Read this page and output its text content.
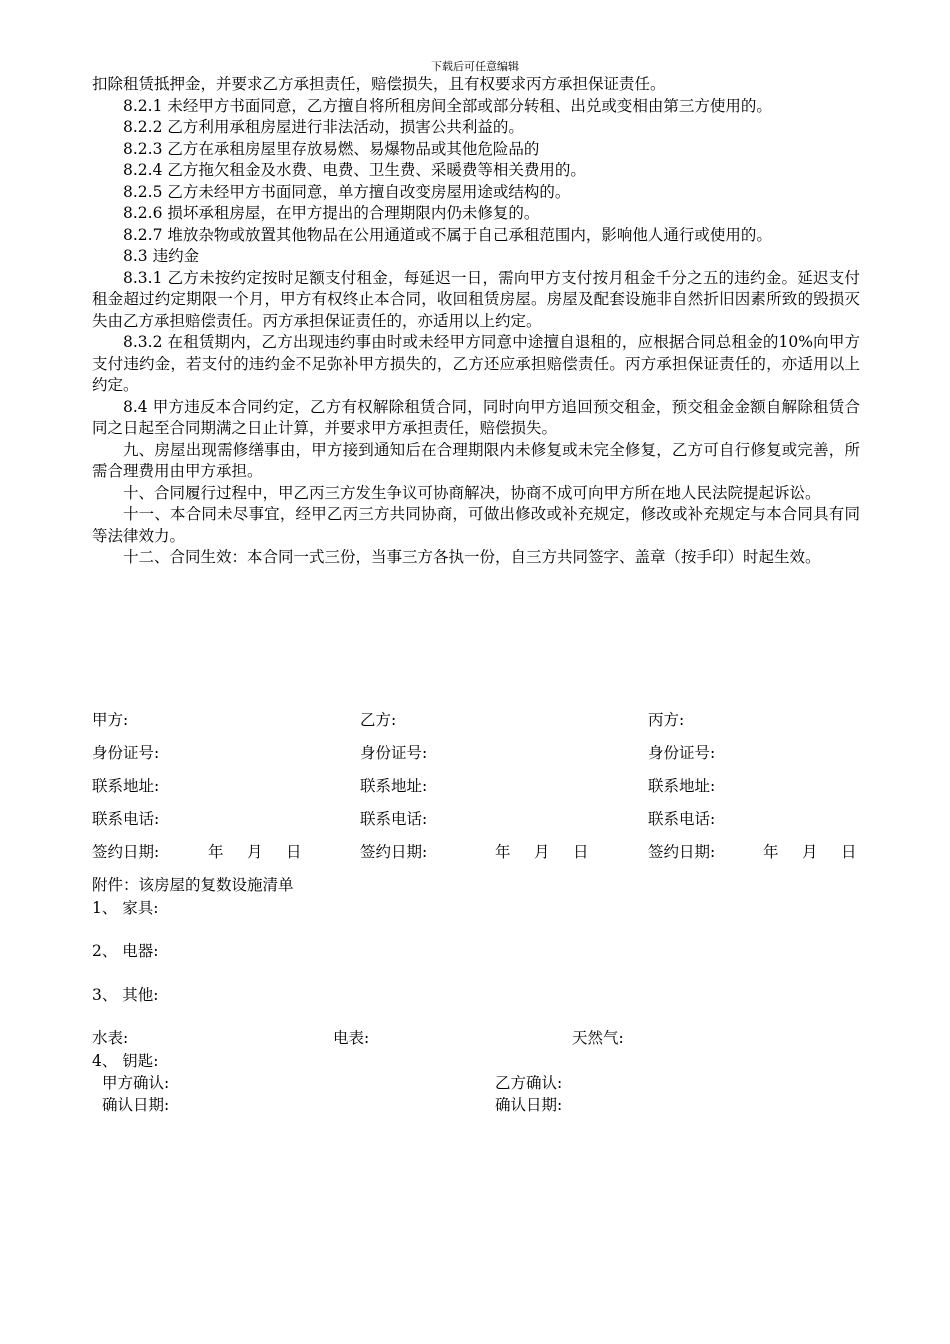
下载后可任意编辑

扣除租赁抵押金，并要求乙方承担责任，赔偿损失，且有权要求丙方承担保证责任。

8.2.1 未经甲方书面同意，乙方擅自将所租房间全部或部分转租、出兑或变相由第三方使用的。

8.2.2 乙方利用承租房屋进行非法活动，损害公共利益的。

8.2.3 乙方在承租房屋里存放易燃、易爆物品或其他危险品的

8.2.4 乙方拖欠租金及水费、电费、卫生费、采暖费等相关费用的。

8.2.5 乙方未经甲方书面同意，单方擅自改变房屋用途或结构的。

8.2.6 损坏承租房屋，在甲方提出的合理期限内仍未修复的。

8.2.7 堆放杂物或放置其他物品在公用通道或不属于自己承租范围内，影响他人通行或使用的。

8.3 违约金

8.3.1 乙方未按约定按时足额支付租金，每延迟一日，需向甲方支付按月租金千分之五的违约金。延迟支付租金超过约定期限一个月，甲方有权终止本合同，收回租赁房屋。房屋及配套设施非自然折旧因素所致的毁损灭失由乙方承担赔偿责任。丙方承担保证责任的，亦适用以上约定。

8.3.2 在租赁期内，乙方出现违约事由时或未经甲方同意中途擅自退租的，应根据合同总租金的10%向甲方支付违约金，若支付的违约金不足弥补甲方损失的，乙方还应承担赔偿责任。丙方承担保证责任的，亦适用以上约定。

8.4 甲方违反本合同约定，乙方有权解除租赁合同，同时向甲方追回预交租金，预交租金金额自解除租赁合同之日起至合同期满之日止计算，并要求甲方承担责任，赔偿损失。

九、房屋出现需修缮事由，甲方接到通知后在合理期限内未修复或未完全修复，乙方可自行修复或完善，所需合理费用由甲方承担。

十、合同履行过程中，甲乙丙三方发生争议可协商解决，协商不成可向甲方所在地人民法院提起诉讼。

十一、本合同未尽事宜，经甲乙丙三方共同协商，可做出修改或补充规定，修改或补充规定与本合同具有同等法律效力。

十二、合同生效：本合同一式三份，当事三方各执一份，自三方共同签字、盖章（按手印）时起生效。

甲方:	乙方:	丙方:
身份证号:	身份证号:	身份证号:
联系地址:	联系地址:	联系地址:
联系电话:	联系电话:	联系电话:
签约日期:	年 月 日	签约日期:	年 月 日	签约日期:	年 月 日
附件：该房屋的复数设施清单
1、 家具:
2、 电器:
3、 其他:
水表:	电表:	天然气:
4、 钥匙:
甲方确认:	乙方确认:
确认日期:	确认日期:
